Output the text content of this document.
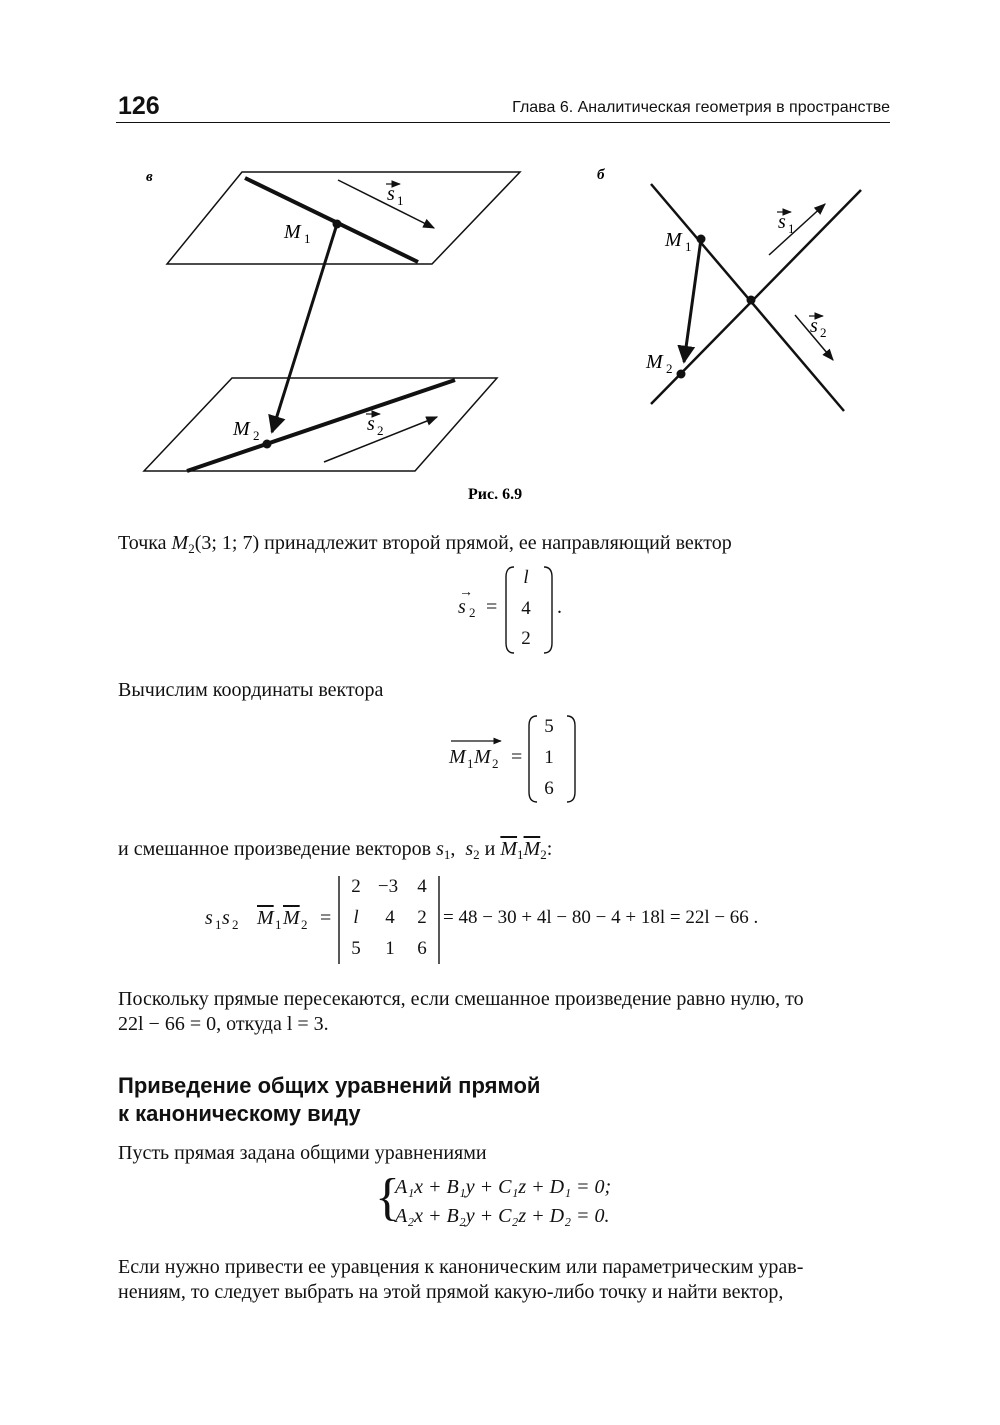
126	Глава 6. Аналитическая геометрия в пространстве
в	б
M 1
M 2
s 1
s 2
M 1
M 2
s 1
s 2
Рис. 6.9
Точка $M_2(3$; 1; 7) принадлежит второй прямой, ее направляющий вектор
s
→
2 =
l
4
2
.
Вычислим координаты вектора
M 1 M 2 =
5
1
6
и смешанное произведение векторов $s_1$,  $s_2$ и $\overline{M}_1\overline{M}_2$:
s 1 s 2 $\overline{M}$ 1 $\overline{M}$ 2 =
2 −3	4
l	4	2
5	1	6
= 48 − 30 + 4l − 80 − 4 + 18l = 22l − 66 .
Поскольку прямые пересекаются, если смешанное произведение равно нулю, то
22l − 66 = 0, откуда l = 3.
Приведение общих уравнений прямой
к каноническому виду
Пусть прямая задана общими уравнениями
{
A₁x + B₁y + C₁z + D₁ = 0;
A₂x + B₂y + C₂z + D₂ = 0.
Если нужно привести ее уравцения к каноническим или параметрическим урав-
нениям, то следует выбрать на этой прямой какую-либо точку и найти вектор,
